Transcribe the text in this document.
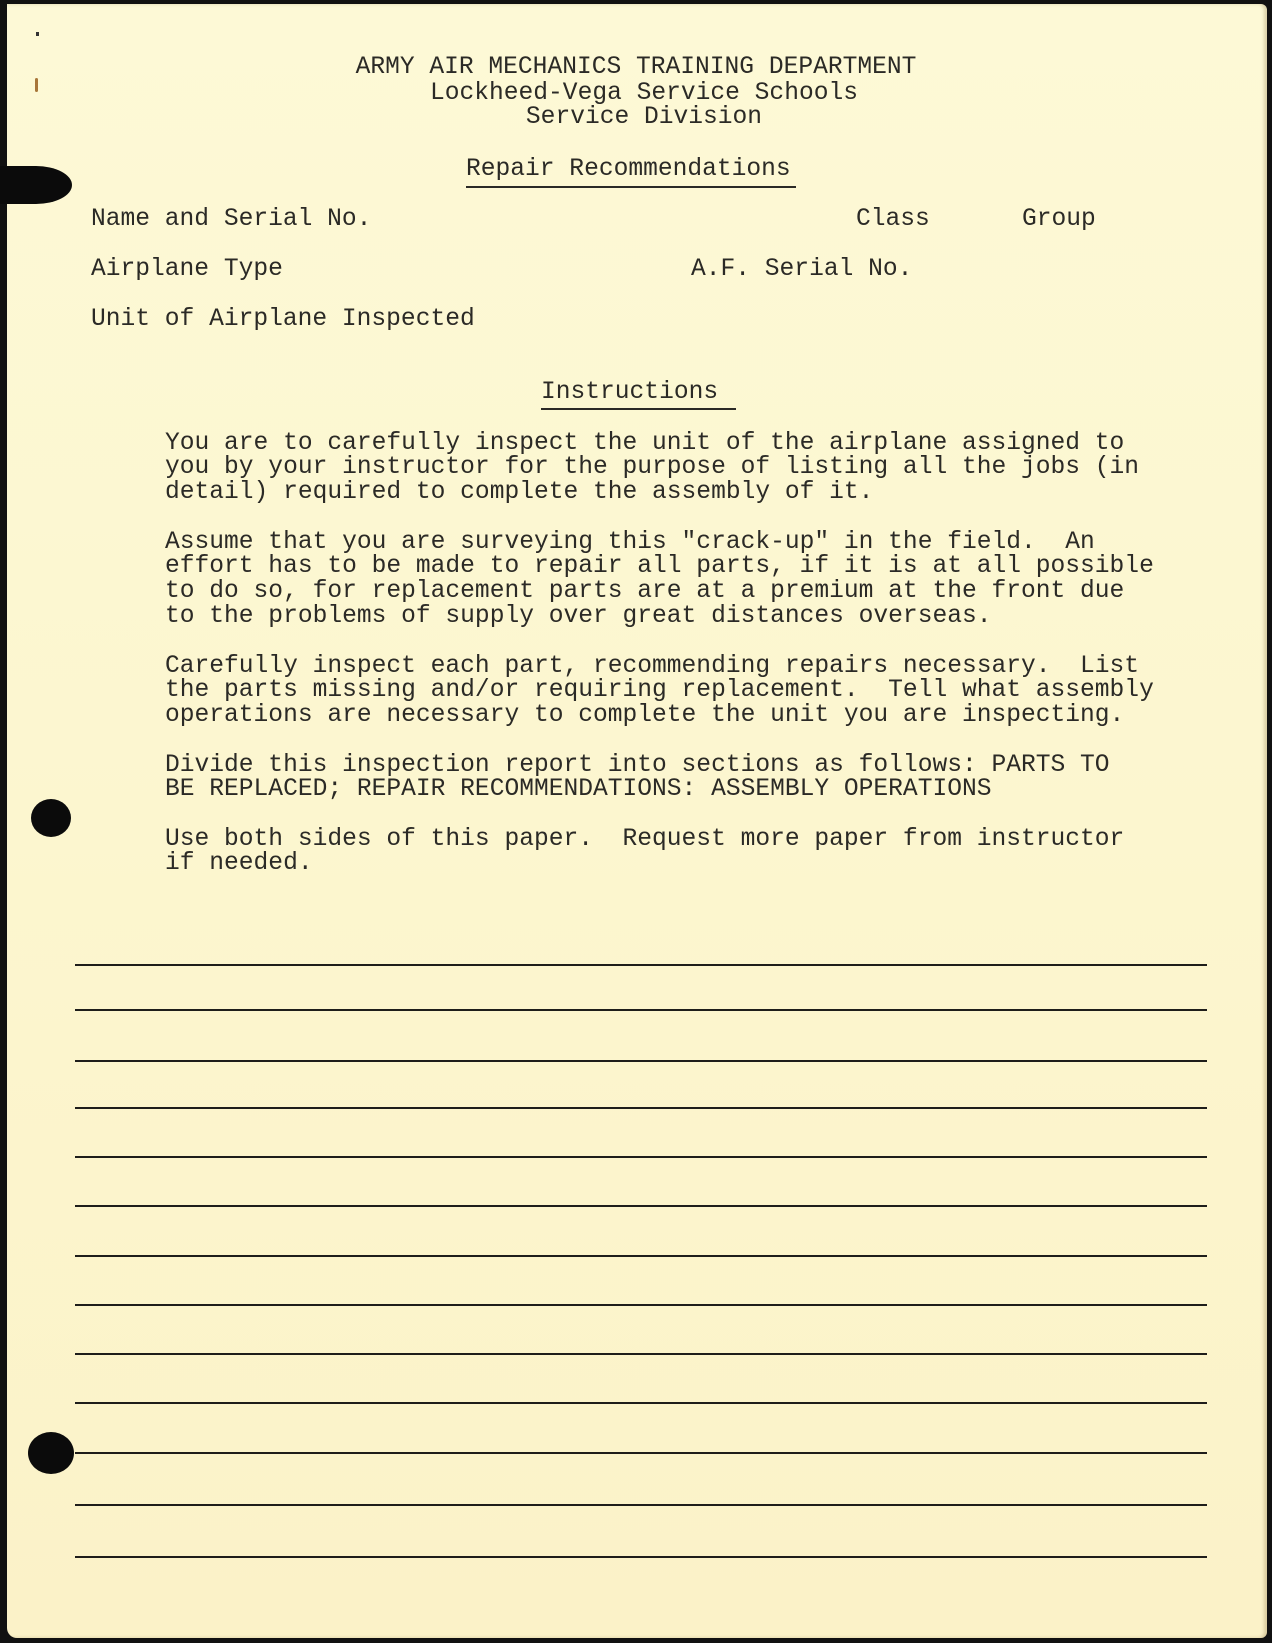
ARMY AIR MECHANICS TRAINING DEPARTMENT
Lockheed-Vega Service Schools
Service Division
Repair Recommendations
Name and Serial No.	Class	Group
Airplane Type	A.F. Serial No.
Unit of Airplane Inspected
Instructions
You are to carefully inspect the unit of the airplane assigned to
you by your instructor for the purpose of listing all the jobs (in
detail) required to complete the assembly of it.
Assume that you are surveying this "crack-up" in the field.  An
effort has to be made to repair all parts, if it is at all possible
to do so, for replacement parts are at a premium at the front due
to the problems of supply over great distances overseas.
Carefully inspect each part, recommending repairs necessary.  List
the parts missing and/or requiring replacement.  Tell what assembly
operations are necessary to complete the unit you are inspecting.
Divide this inspection report into sections as follows: PARTS TO
BE REPLACED; REPAIR RECOMMENDATIONS: ASSEMBLY OPERATIONS
Use both sides of this paper.  Request more paper from instructor
if needed.
